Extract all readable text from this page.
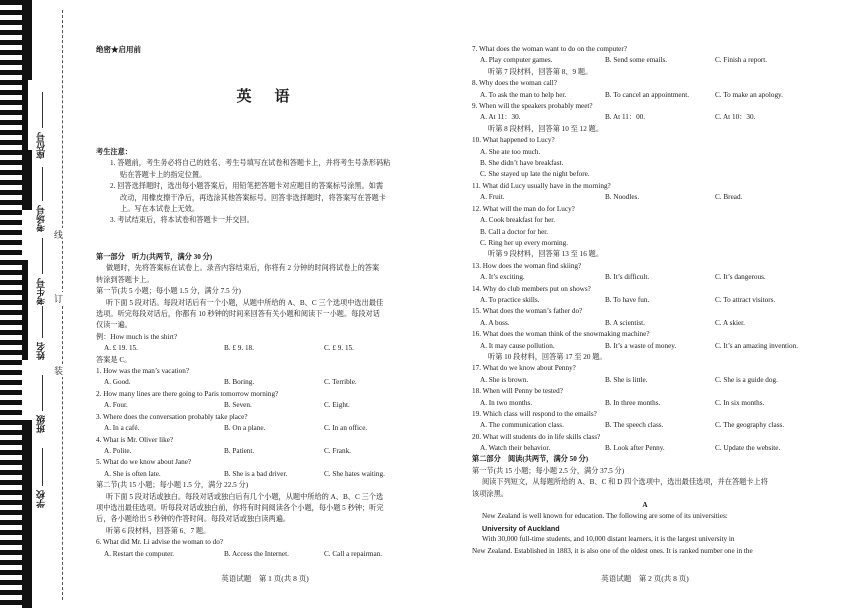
座位号
考场号
考生号
姓名
班级
学校
线
订
装
绝密★启用前
英　语
考生注意：
1. 答题前，考生务必将自己的姓名、考生号填写在试卷和答题卡上，并将考生号条形码粘
贴在答题卡上的指定位置。
2. 回答选择题时，选出每小题答案后，用铅笔把答题卡对应题目的答案标号涂黑。如需
改动，用橡皮擦干净后，再选涂其他答案标号。回答非选择题时，将答案写在答题卡
上。写在本试卷上无效。
3. 考试结束后，将本试卷和答题卡一并交回。
第一部分　听力(共两节，满分 30 分)
做题时，先将答案标在试卷上。录音内容结束后，你将有 2 分钟的时间将试卷上的答案
转涂到答题卡上。
第一节(共 5 小题；每小题 1.5 分，满分 7.5 分)
听下面 5 段对话。每段对话后有一个小题，从题中所给的 A、B、C 三个选项中选出最佳
选项。听完每段对话后，你都有 10 秒钟的时间来回答有关小题和阅读下一小题。每段对话
仅读一遍。
例：How much is the shirt?
A. £ 19. 15.	B. £ 9. 18.	C. £ 9. 15.
答案是 C。
1. How was the man’s vacation?
A. Good.	B. Boring.	C. Terrible.
2. How many lines are there going to Paris tomorrow morning?
A. Four.	B. Seven.	C. Eight.
3. Where does the conversation probably take place?
A. In a café.	B. On a plane.	C. In an office.
4. What is Mr. Oliver like?
A. Polite.	B. Patient.	C. Frank.
5. What do we know about Jane?
A. She is often late.	B. She is a bad driver.	C. She hates waiting.
第二节(共 15 小题；每小题 1.5 分，满分 22.5 分)
听下面 5 段对话或独白。每段对话或独白后有几个小题，从题中所给的 A、B、C 三个选
项中选出最佳选项。听每段对话或独白前，你将有时间阅读各个小题，每小题 5 秒钟；听完
后，各小题给出 5 秒钟的作答时间。每段对话或独白读两遍。
听第 6 段材料，回答第 6、7 题。
6. What did Mr. Li advise the woman to do?
A. Restart the computer.	B. Access the Internet.	C. Call a repairman.
英语试题　第 1 页(共 8 页)
7. What does the woman want to do on the computer?
A. Play computer games.	B. Send some emails.	C. Finish a report.
听第 7 段材料，回答第 8、9 题。
8. Why does the woman call?
A. To ask the man to help her.	B. To cancel an appointment.	C. To make an apology.
9. When will the speakers probably meet?
A. At 11：30.	B. At 11：00.	C. At 10：30.
听第 8 段材料，回答第 10 至 12 题。
10. What happened to Lucy?
A. She ate too much.
B. She didn’t have breakfast.
C. She stayed up late the night before.
11. What did Lucy usually have in the morning?
A. Fruit.	B. Noodles.	C. Bread.
12. What will the man do for Lucy?
A. Cook breakfast for her.
B. Call a doctor for her.
C. Ring her up every morning.
听第 9 段材料，回答第 13 至 16 题。
13. How does the woman find skiing?
A. It’s exciting.	B. It’s difficult.	C. It’s dangerous.
14. Why do club members put on shows?
A. To practice skills.	B. To have fun.	C. To attract visitors.
15. What does the woman’s father do?
A. A boss.	B. A scientist.	C. A skier.
16. What does the woman think of the snowmaking machine?
A. It may cause pollution.	B. It’s a waste of money.	C. It’s an amazing invention.
听第 10 段材料，回答第 17 至 20 题。
17. What do we know about Penny?
A. She is brown.	B. She is little.	C. She is a guide dog.
18. When will Penny be tested?
A. In two months.	B. In three months.	C. In six months.
19. Which class will respond to the emails?
A. The communication class.	B. The speech class.	C. The geography class.
20. What will students do in life skills class?
A. Watch their behavior.	B. Look after Penny.	C. Update the website.
第二部分　阅读(共两节，满分 50 分)
第一节(共 15 小题；每小题 2.5 分，满分 37.5 分)
阅读下列短文，从每题所给的 A、B、C 和 D 四个选项中，选出最佳选项，并在答题卡上将
该项涂黑。
A
New Zealand is well known for education. The following are some of its universities:
University of Auckland
With 30,000 full-time students, and 10,000 distant learners, it is the largest university in
New Zealand. Established in 1883, it is also one of the oldest ones. It is ranked number one in the
英语试题　第 2 页(共 8 页)
